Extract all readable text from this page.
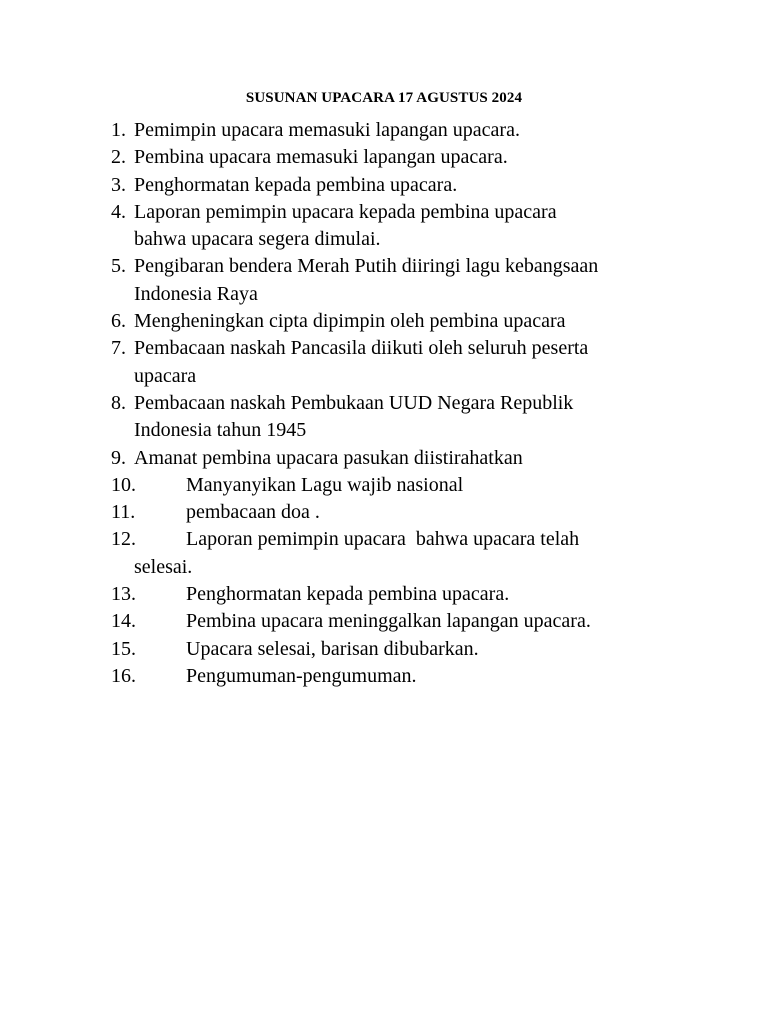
SUSUNAN UPACARA 17 AGUSTUS 2024
1. Pemimpin upacara memasuki lapangan upacara.
2. Pembina upacara memasuki lapangan upacara.
3. Penghormatan kepada pembina upacara.
4. Laporan pemimpin upacara kepada pembina upacara
bahwa upacara segera dimulai.
5. Pengibaran bendera Merah Putih diiringi lagu kebangsaan
Indonesia Raya
6. Mengheningkan cipta dipimpin oleh pembina upacara
7. Pembacaan naskah Pancasila diikuti oleh seluruh peserta
upacara
8. Pembacaan naskah Pembukaan UUD Negara Republik
Indonesia tahun 1945
9. Amanat pembina upacara pasukan diistirahatkan
10.	Manyanyikan Lagu wajib nasional
11.	pembacaan doa .
12.	Laporan pemimpin upacara  bahwa upacara telah
selesai.
13.	Penghormatan kepada pembina upacara.
14.	Pembina upacara meninggalkan lapangan upacara.
15.	Upacara selesai, barisan dibubarkan.
16.	Pengumuman-pengumuman.
